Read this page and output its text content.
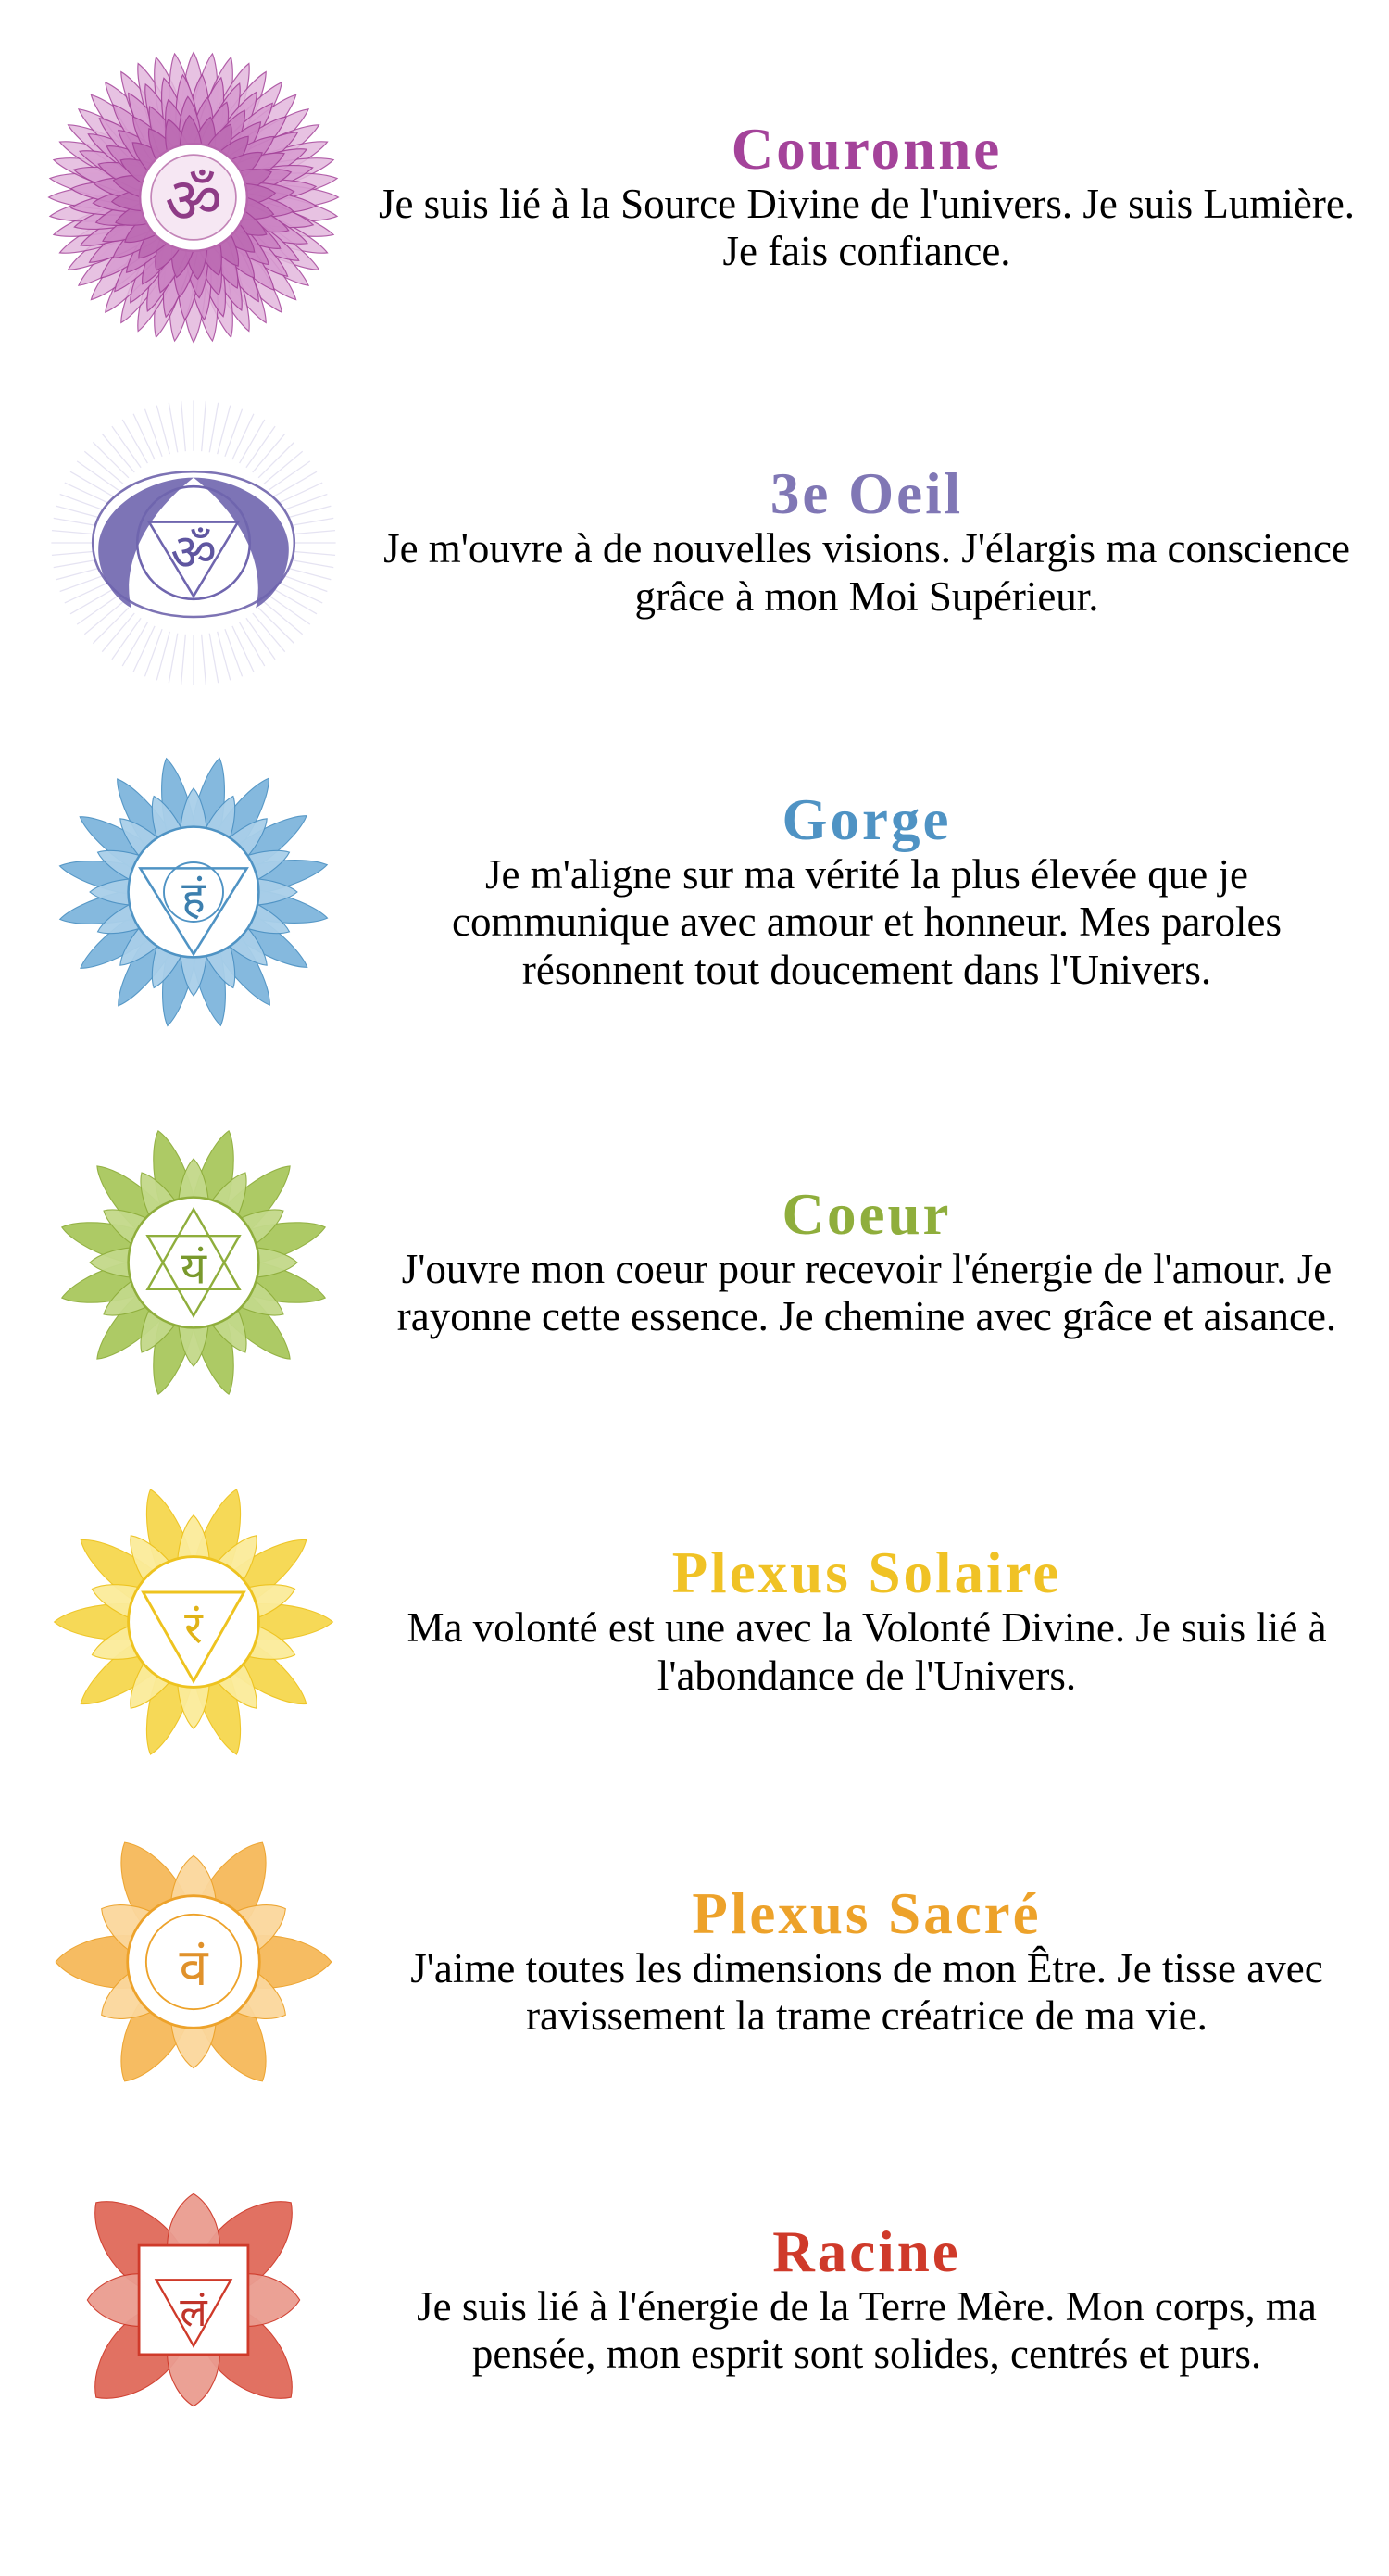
ॐ
Couronne
Je suis lié à la Source Divine de l'univers. Je suis Lumière. Je fais confiance.
ॐ
3e Oeil
Je m'ouvre à de nouvelles visions. J'élargis ma conscience grâce à mon Moi Supérieur.
हं
Gorge
Je m'aligne sur ma vérité la plus élevée que je communique avec amour et honneur. Mes paroles résonnent tout doucement dans l'Univers.
यं
Coeur
J'ouvre mon coeur pour recevoir l'énergie de l'amour. Je rayonne cette essence. Je chemine avec grâce et aisance.
रं
Plexus Solaire
Ma volonté est une avec la Volonté Divine. Je suis lié à l'abondance de l'Univers.
वं
Plexus Sacré
J'aime toutes les dimensions de mon Être. Je tisse avec ravissement la trame créatrice de ma vie.
लं
Racine
Je suis lié à l'énergie de la Terre Mère. Mon corps, ma pensée, mon esprit sont solides, centrés et purs.
